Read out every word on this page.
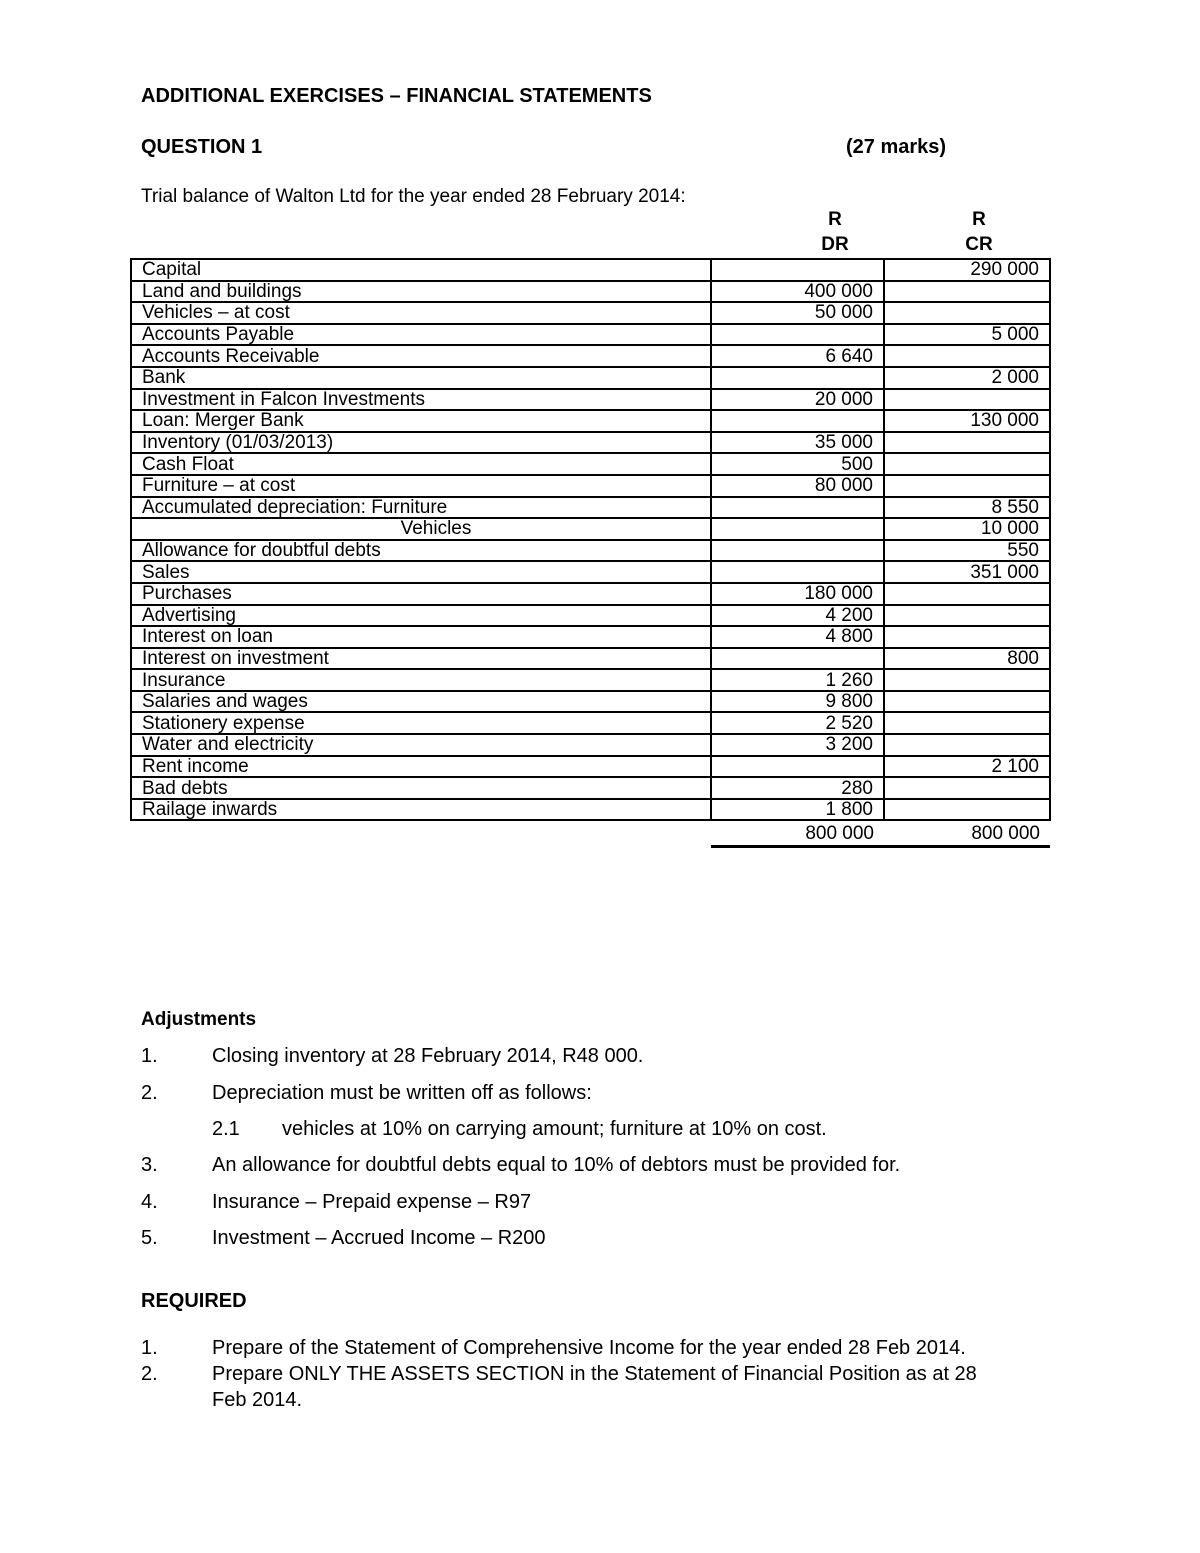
ADDITIONAL EXERCISES – FINANCIAL STATEMENTS
QUESTION 1	(27 marks)
Trial balance of Walton Ltd for the year ended 28 February 2014:
R
DR
R
CR
Capital		290 000
Land and buildings	400 000	
Vehicles – at cost	50 000	
Accounts Payable		5 000
Accounts Receivable	6 640	
Bank		2 000
Investment in Falcon Investments	20 000	
Loan: Merger Bank		130 000
Inventory (01/03/2013)	35 000	
Cash Float	500	
Furniture – at cost	80 000	
Accumulated depreciation: Furniture		8 550
Vehicles		10 000
Allowance for doubtful debts		550
Sales		351 000
Purchases	180 000	
Advertising	4 200	
Interest on loan	4 800	
Interest on investment		800
Insurance	1 260	
Salaries and wages	9 800	
Stationery expense	2 520	
Water and electricity	3 200	
Rent income		2 100
Bad debts	280	
Railage inwards	1 800	
	800 000	800 000
Adjustments
1.	Closing inventory at 28 February 2014, R48 000.
2.	Depreciation must be written off as follows:
2.1 vehicles at 10% on carrying amount; furniture at 10% on cost.
3.	An allowance for doubtful debts equal to 10% of debtors must be provided for.
4.	Insurance – Prepaid expense – R97
5.	Investment – Accrued Income – R200
REQUIRED
1.	Prepare of the Statement of Comprehensive Income for the year ended 28 Feb 2014.
2.	Prepare ONLY THE ASSETS SECTION in the Statement of Financial Position as at 28
Feb 2014.
